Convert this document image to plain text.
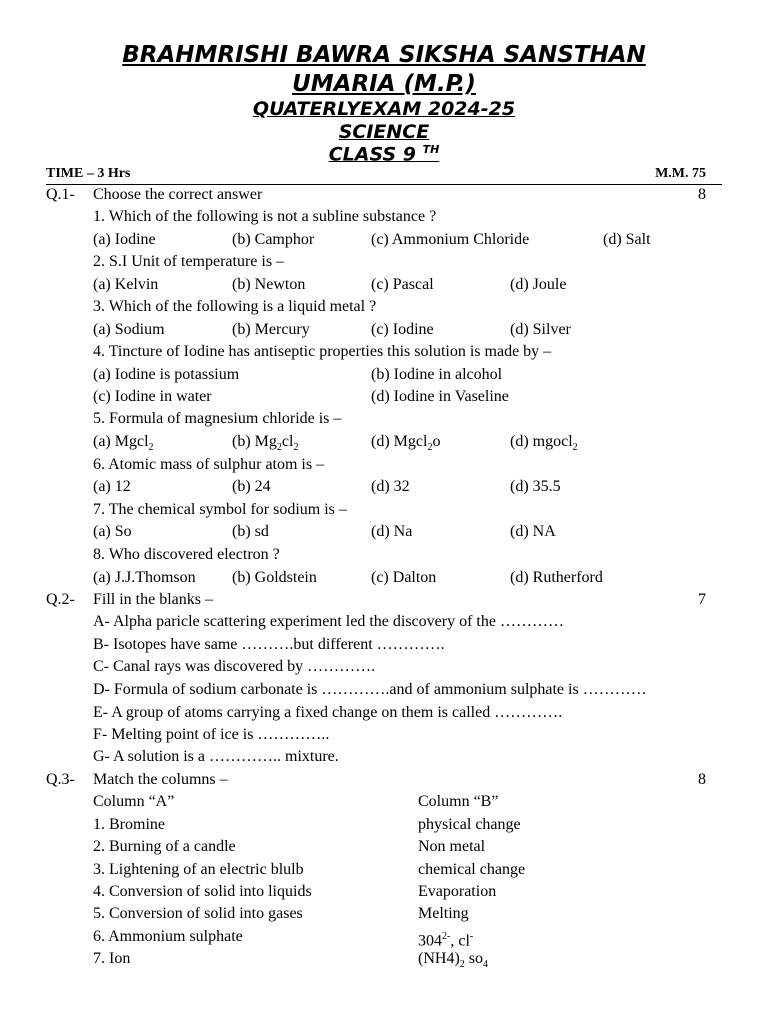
BRAHMRISHI BAWRA SIKSHA SANSTHAN
UMARIA (M.P.)
QUATERLYEXAM 2024-25
SCIENCE
CLASS 9 $^{TH}$
TIME – 3 Hrs	M.M. 75
Q.1- Choose the correct answer	8
1. Which of the following is not a subline substance ?
(a) Iodine	(b) Camphor	(c) Ammonium Chloride	(d) Salt
2. S.I Unit of temperature is –
(a) Kelvin	(b) Newton	(c) Pascal	(d) Joule
3. Which of the following is a liquid metal ?
(a) Sodium	(b) Mercury	(c) Iodine	(d) Silver
4. Tincture of Iodine has antiseptic properties this solution is made by –
(a) Iodine is potassium	(b) Iodine in alcohol
(c) Iodine in water	(d) Iodine in Vaseline
5. Formula of magnesium chloride is –
(a) Mgcl$_2$	(b) $Mg_2cl_2$	(d) Mgcl$_2$o	(d) mgocl$_2$
6. Atomic mass of sulphur atom is –
(a) 12	(b) 24	(d) 32	(d) 35.5
7. The chemical symbol for sodium is –
(a) So	(b) sd	(d) Na	(d) NA
8. Who discovered electron ?
(a) J.J.Thomson (b) Goldstein	(c) Dalton	(d) Rutherford
Q.2- Fill in the blanks –	7
A- Alpha paricle scattering experiment led the discovery of the …………
B- Isotopes have same ……….but different ………….
C- Canal rays was discovered by ………….
D- Formula of sodium carbonate is ………….and of ammonium sulphate is …………
E- A group of atoms carrying a fixed change on them is called ………….
F- Melting point of ice is …………..
G- A solution is a ………….. mixture.
Q.3- Match the columns –	8
Column “A”	Column “B”
1. Bromine	physical change
2. Burning of a candle	Non metal
3. Lightening of an electric blulb	chemical change
4. Conversion of solid into liquids	Evaporation
5. Conversion of solid into gases	Melting
6. Ammonium sulphate	$304^{2-}$, cl-
7. Ion	$(NH4)_2$ $so_4$
